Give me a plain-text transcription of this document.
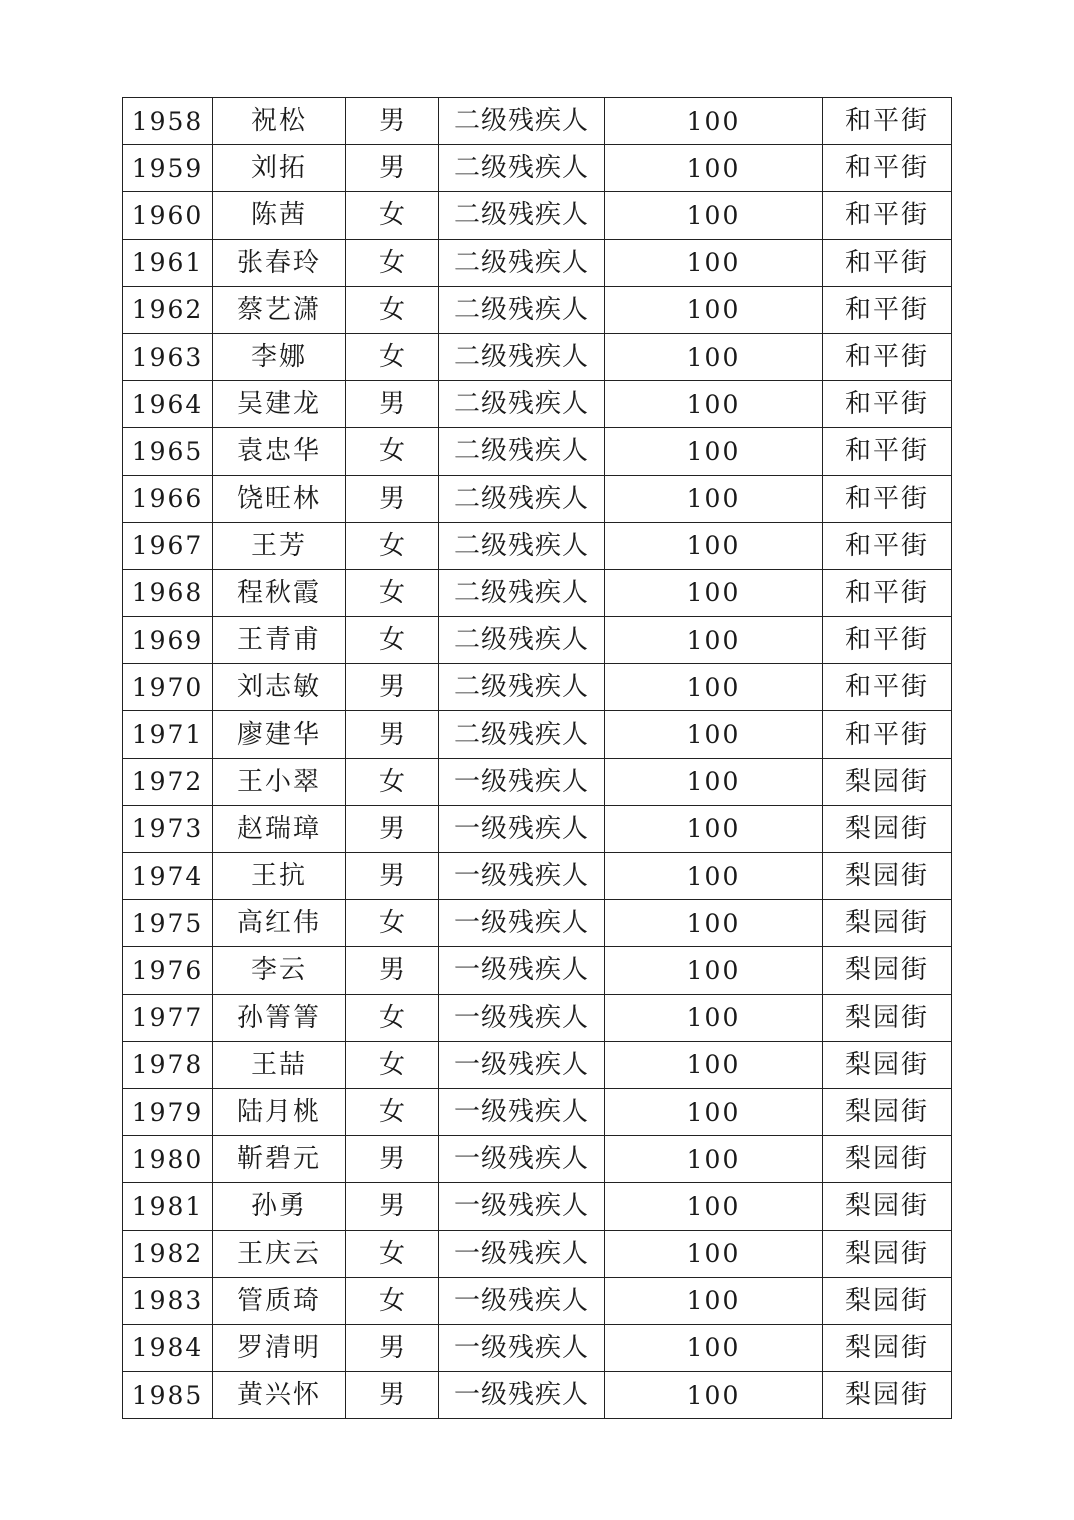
1958	祝松	男	二级残疾人	100	和平街
1959	刘拓	男	二级残疾人	100	和平街
1960	陈茜	女	二级残疾人	100	和平街
1961	张春玲	女	二级残疾人	100	和平街
1962	蔡艺潇	女	二级残疾人	100	和平街
1963	李娜	女	二级残疾人	100	和平街
1964	吴建龙	男	二级残疾人	100	和平街
1965	袁忠华	女	二级残疾人	100	和平街
1966	饶旺林	男	二级残疾人	100	和平街
1967	王芳	女	二级残疾人	100	和平街
1968	程秋霞	女	二级残疾人	100	和平街
1969	王青甫	女	二级残疾人	100	和平街
1970	刘志敏	男	二级残疾人	100	和平街
1971	廖建华	男	二级残疾人	100	和平街
1972	王小翠	女	一级残疾人	100	梨园街
1973	赵瑞璋	男	一级残疾人	100	梨园街
1974	王抗	男	一级残疾人	100	梨园街
1975	高红伟	女	一级残疾人	100	梨园街
1976	李云	男	一级残疾人	100	梨园街
1977	孙箐箐	女	一级残疾人	100	梨园街
1978	王喆	女	一级残疾人	100	梨园街
1979	陆月桃	女	一级残疾人	100	梨园街
1980	靳碧元	男	一级残疾人	100	梨园街
1981	孙勇	男	一级残疾人	100	梨园街
1982	王庆云	女	一级残疾人	100	梨园街
1983	管质琦	女	一级残疾人	100	梨园街
1984	罗清明	男	一级残疾人	100	梨园街
1985	黄兴怀	男	一级残疾人	100	梨园街
